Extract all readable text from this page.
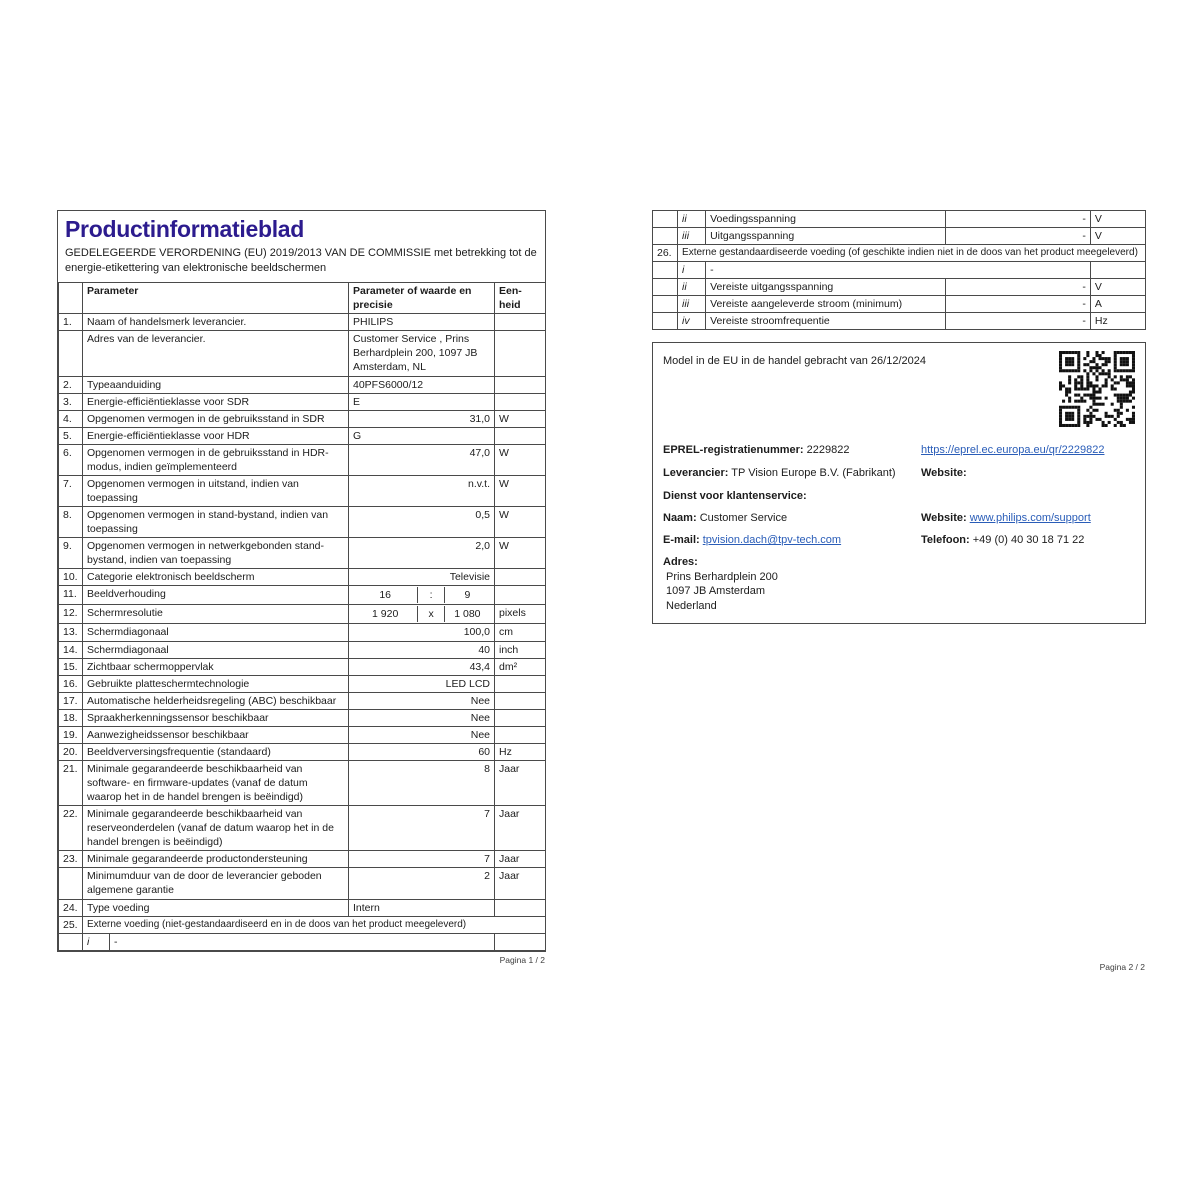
Productinformatieblad
GEDELEGEERDE VERORDENING (EU) 2019/2013 VAN DE COMMISSIE met betrekking tot de energie-etikettering van elektronische beeldschermen
	Parameter		Parameter of waarde en precisie	Een-
heid
1.	Naam of handelsmerk leverancier.		PHILIPS	
	Adres van de leverancier.		Customer Service , Prins Berhardplein 200, 1097 JB Amsterdam, NL	
2.	Typeaanduiding		40PFS6000/12	
3.	Energie-efficiëntieklasse voor SDR		E	
4.	Opgenomen vermogen in de gebruiksstand in SDR		31,0	W
5.	Energie-efficiëntieklasse voor HDR		G	
6.	Opgenomen vermogen in de gebruiksstand in HDR-modus, indien geïmplementeerd		47,0	W
7.	Opgenomen vermogen in uitstand, indien van toepassing		n.v.t.	W
8.	Opgenomen vermogen in stand-bystand, indien van toepassing		0,5	W
9.	Opgenomen vermogen in netwerkgebonden stand-bystand, indien van toepassing		2,0	W
10.	Categorie elektronisch beeldscherm		Televisie	
11.	Beeldverhouding		16 : 9	

12.	Schermresolutie		1 920 x 1 080	pixels
13.	Schermdiagonaal		100,0	cm
14.	Schermdiagonaal		40	inch
15.	Zichtbaar schermoppervlak		43,4	dm²
16.	Gebruikte platteschermtechnologie		LED LCD	
17.	Automatische helderheidsregeling (ABC) beschikbaar		Nee	
18.	Spraakherkenningssensor beschikbaar		Nee	
19.	Aanwezigheidssensor beschikbaar		Nee	
20.	Beeldverversingsfrequentie (standaard)		60	Hz
21.	Minimale gegarandeerde beschikbaarheid van software- en firmware-updates (vanaf de datum waarop het in de handel brengen is beëindigd)		8	Jaar
22.	Minimale gegarandeerde beschikbaarheid van reserveonderdelen (vanaf de datum waarop het in de handel brengen is beëindigd)		7	Jaar
23.	Minimale gegarandeerde productondersteuning		7	Jaar
	Minimumduur van de door de leverancier geboden algemene garantie		2	Jaar
24.	Type voeding		Intern	
25.	Externe voeding (niet-gestandaardiseerd en in de doos van het product meegeleverd)			
	i	-		
Pagina 1 / 2
	ii	Voedingsspanning	-	V
	iii	Uitgangsspanning	-	V
26.	Externe gestandaardiseerde voeding (of geschikte indien niet in de doos van het product meegeleverd)			
	i	-		
	ii	Vereiste uitgangsspanning	-	V
	iii	Vereiste aangeleverde stroom (minimum)	-	A
	iv	Vereiste stroomfrequentie	-	Hz
Model in de EU in de handel gebracht van 26/12/2024
EPREL-registratienummer: 2229822	https://eprel.ec.europa.eu/qr/2229822
Leverancier: TP Vision Europe B.V. (Fabrikant)	Website:
Dienst voor klantenservice:
Naam: Customer Service	Website: www.philips.com/support
E-mail: tpvision.dach@tpv-tech.com	Telefoon: +49 (0) 40 30 18 71 22
Adres:
Prins Berhardplein 200
1097 JB Amsterdam
Nederland
Pagina 2 / 2
